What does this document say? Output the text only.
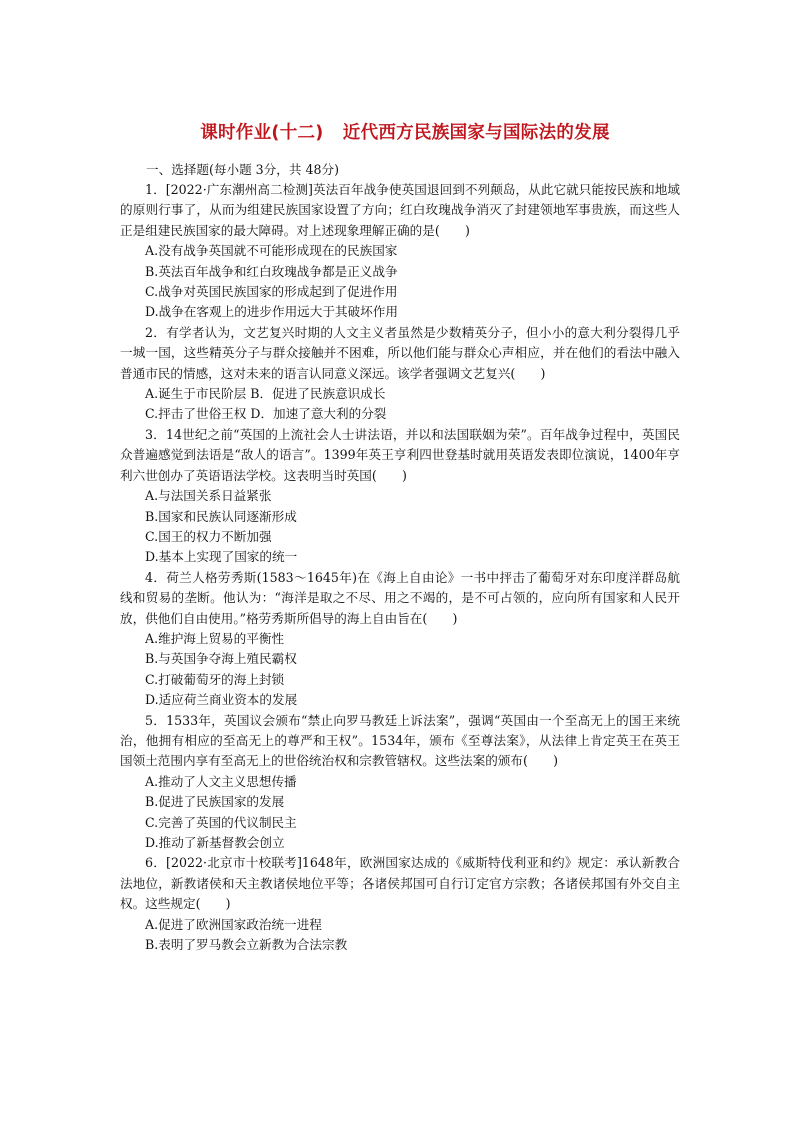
课时作业(十二)   近代西方民族国家与国际法的发展
一、选择题(每小题 3分，共 48分)

1．[2022·广东潮州高二检测]英法百年战争使英国退回到不列颠岛，从此它就只能按民族和地域的原则行事了，从而为组建民族国家设置了方向；红白玫瑰战争消灭了封建领地军事贵族，而这些人正是组建民族国家的最大障碍。对上述现象理解正确的是(　　)

A.没有战争英国就不可能形成现在的民族国家
B.英法百年战争和红白玫瑰战争都是正义战争
C.战争对英国民族国家的形成起到了促进作用
D.战争在客观上的进步作用远大于其破坏作用

2．有学者认为，文艺复兴时期的人文主义者虽然是少数精英分子，但小小的意大利分裂得几乎一城一国，这些精英分子与群众接触并不困难，所以他们能与群众心声相应，并在他们的看法中融入普通市民的情感，这对未来的语言认同意义深远。该学者强调文艺复兴(　　)

A.诞生于市民阶层 B．促进了民族意识成长
C.抨击了世俗王权 D．加速了意大利的分裂

3．14世纪之前“英国的上流社会人士讲法语，并以和法国联姻为荣”。百年战争过程中，英国民众普遍感觉到法语是“敌人的语言”。1399年英王亨利四世登基时就用英语发表即位演说，1400年亨利六世创办了英语语法学校。这表明当时英国(　　)

A.与法国关系日益紧张
B.国家和民族认同逐渐形成
C.国王的权力不断加强
D.基本上实现了国家的统一

4．荷兰人格劳秀斯(1583～1645年)在《海上自由论》一书中抨击了葡萄牙对东印度洋群岛航线和贸易的垄断。他认为：“海洋是取之不尽、用之不竭的，是不可占领的，应向所有国家和人民开放，供他们自由使用。”格劳秀斯所倡导的海上自由旨在(　　)

A.维护海上贸易的平衡性
B.与英国争夺海上殖民霸权
C.打破葡萄牙的海上封锁
D.适应荷兰商业资本的发展

5．1533年，英国议会颁布“禁止向罗马教廷上诉法案”，强调“英国由一个至高无上的国王来统治，他拥有相应的至高无上的尊严和王权”。1534年，颁布《至尊法案》，从法律上肯定英王在英王国领土范围内享有至高无上的世俗统治权和宗教管辖权。这些法案的颁布(　　)

A.推动了人文主义思想传播
B.促进了民族国家的发展
C.完善了英国的代议制民主
D.推动了新基督教会创立

6．[2022·北京市十校联考]1648年，欧洲国家达成的《威斯特伐利亚和约》规定：承认新教合法地位，新教诸侯和天主教诸侯地位平等；各诸侯邦国可自行订定官方宗教；各诸侯邦国有外交自主权。这些规定(　　)

A.促进了欧洲国家政治统一进程
B.表明了罗马教会立新教为合法宗教
